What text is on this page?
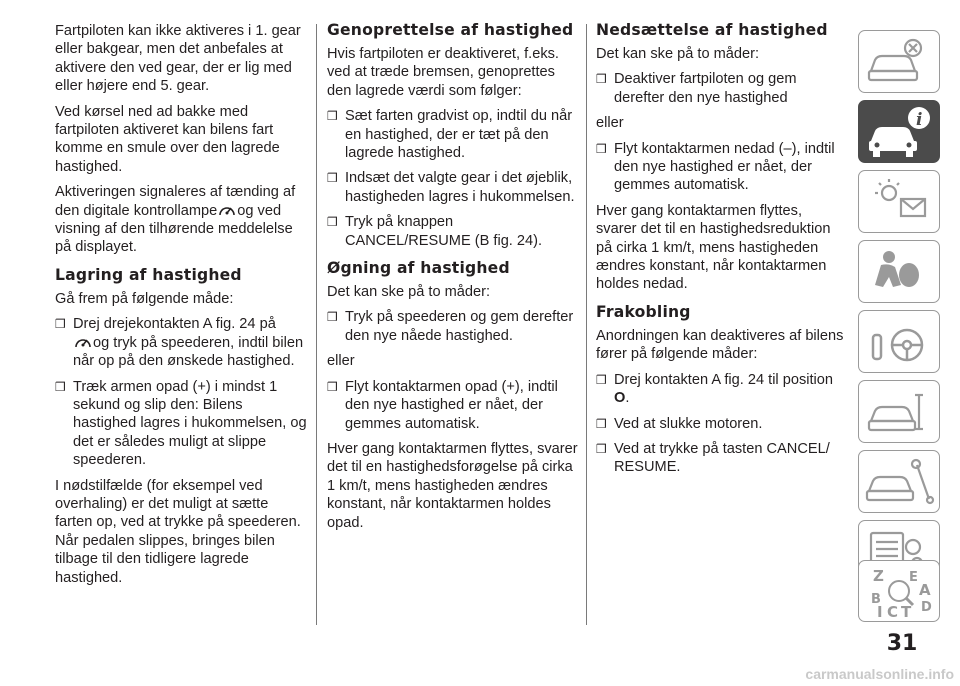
Fartpiloten kan ikke aktiveres i 1. gear eller bakgear, men det anbefales at aktivere den ved gear, der er lig med eller højere end 5. gear.

Ved kørsel ned ad bakke med fartpiloten aktiveret kan bilens fart komme en smule over den lagrede hastighed.

Aktiveringen signaleres af tænding af den digitale kontrollampe og ved visning af den tilhørende meddelelse på displayet.

Lagring af hastighed

Gå frem på følgende måde:

❒ Drej drejekontakten A fig. 24 på

og tryk på speederen, indtil bilen når op på den ønskede hastighed.

❒ Træk armen opad (+) i mindst 1 sekund og slip den: Bilens hastighed lagres i hukommelsen, og det er således muligt at slippe speederen.

I nødstilfælde (for eksempel ved overhaling) er det muligt at sætte farten op, ved at trykke på speederen. Når pedalen slippes, bringes bilen tilbage til den tidligere lagrede hastighed.

Genoprettelse af hastighed

Hvis fartpiloten er deaktiveret, f.eks. ved at træde bremsen, genoprettes den lagrede værdi som følger:

❒ Sæt farten gradvist op, indtil du når en hastighed, der er tæt på den lagrede hastighed.

❒ Indsæt det valgte gear i det øjeblik, hastigheden lagres i hukommelsen.

❒ Tryk på knappen CANCEL/RESUME (B fig. 24).

Øgning af hastighed

Det kan ske på to måder:

❒ Tryk på speederen og gem derefter den nye nåede hastighed.

eller

❒ Flyt kontaktarmen opad (+), indtil den nye hastighed er nået, der gemmes automatisk.

Hver gang kontaktarmen flyttes, svarer det til en hastighedsforøgelse på cirka 1 km/t, mens hastigheden ændres konstant, når kontaktarmen holdes opad.

Nedsættelse af hastighed

Det kan ske på to måder:

❒ Deaktiver fartpiloten og gem derefter den nye hastighed

eller

❒ Flyt kontaktarmen nedad (–), indtil den nye hastighed er nået, der gemmes automatisk.

Hver gang kontaktarmen flyttes, svarer det til en hastighedsreduktion på cirka 1 km/t, mens hastigheden ændres konstant, når kontaktarmen holdes nedad.

Frakobling

Anordningen kan deaktiveres af bilens fører på følgende måder:

❒ Drej kontakten A fig. 24 til position O.

❒ Ved at slukke motoren.

❒ Ved at trykke på tasten CANCEL/ RESUME.

i
Z E
A
B
D
I C T
31
carmanualsonline.info
